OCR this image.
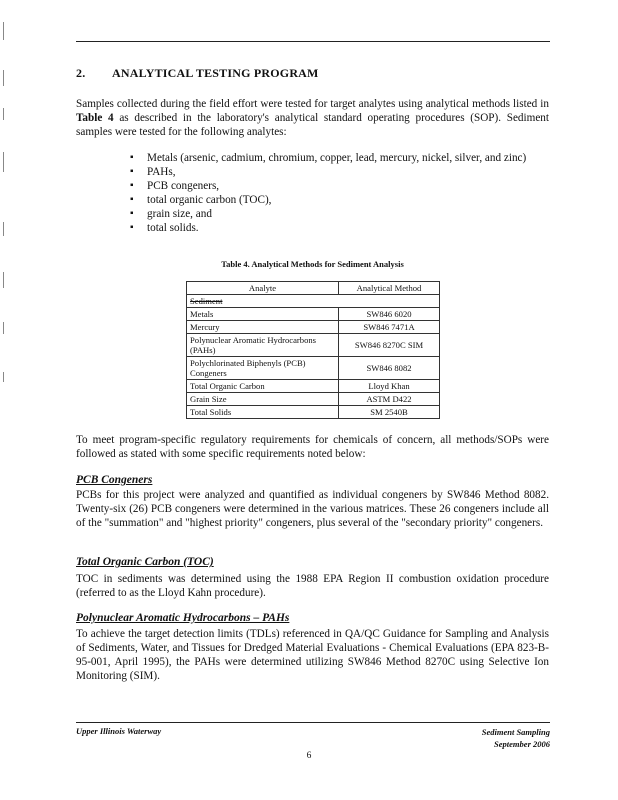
2. ANALYTICAL TESTING PROGRAM

Samples collected during the field effort were tested for target analytes using analytical methods listed in Table 4 as described in the laboratory's analytical standard operating procedures (SOP). Sediment samples were tested for the following analytes:

▪ Metals (arsenic, cadmium, chromium, copper, lead, mercury, nickel, silver, and zinc)
▪ PAHs,
▪ PCB congeners,
▪ total organic carbon (TOC),
▪ grain size, and
▪ total solids.
Table 4. Analytical Methods for Sediment Analysis
Analyte	Analytical Method
Sediment	
Metals	SW846 6020
Mercury	SW846 7471A
Polynuclear Aromatic Hydrocarbons (PAHs)	SW846 8270C SIM
Polychlorinated Biphenyls (PCB) Congeners	SW846 8082
Total Organic Carbon	Lloyd Khan
Grain Size	ASTM D422
Total Solids	SM 2540B

To meet program-specific regulatory requirements for chemicals of concern, all methods/SOPs were followed as stated with some specific requirements noted below:

PCB Congeners

PCBs for this project were analyzed and quantified as individual congeners by SW846 Method 8082. Twenty-six (26) PCB congeners were determined in the various matrices. These 26 congeners include all of the "summation" and "highest priority" congeners, plus several of the "secondary priority" congeners.

Total Organic Carbon (TOC)

TOC in sediments was determined using the 1988 EPA Region II combustion oxidation procedure (referred to as the Lloyd Kahn procedure).

Polynuclear Aromatic Hydrocarbons – PAHs

To achieve the target detection limits (TDLs) referenced in QA/QC Guidance for Sampling and Analysis of Sediments, Water, and Tissues for Dredged Material Evaluations - Chemical Evaluations (EPA 823-B-95-001, April 1995), the PAHs were determined utilizing SW846 Method 8270C using Selective Ion Monitoring (SIM).

Upper Illinois Waterway	Sediment Sampling
September 2006
6
